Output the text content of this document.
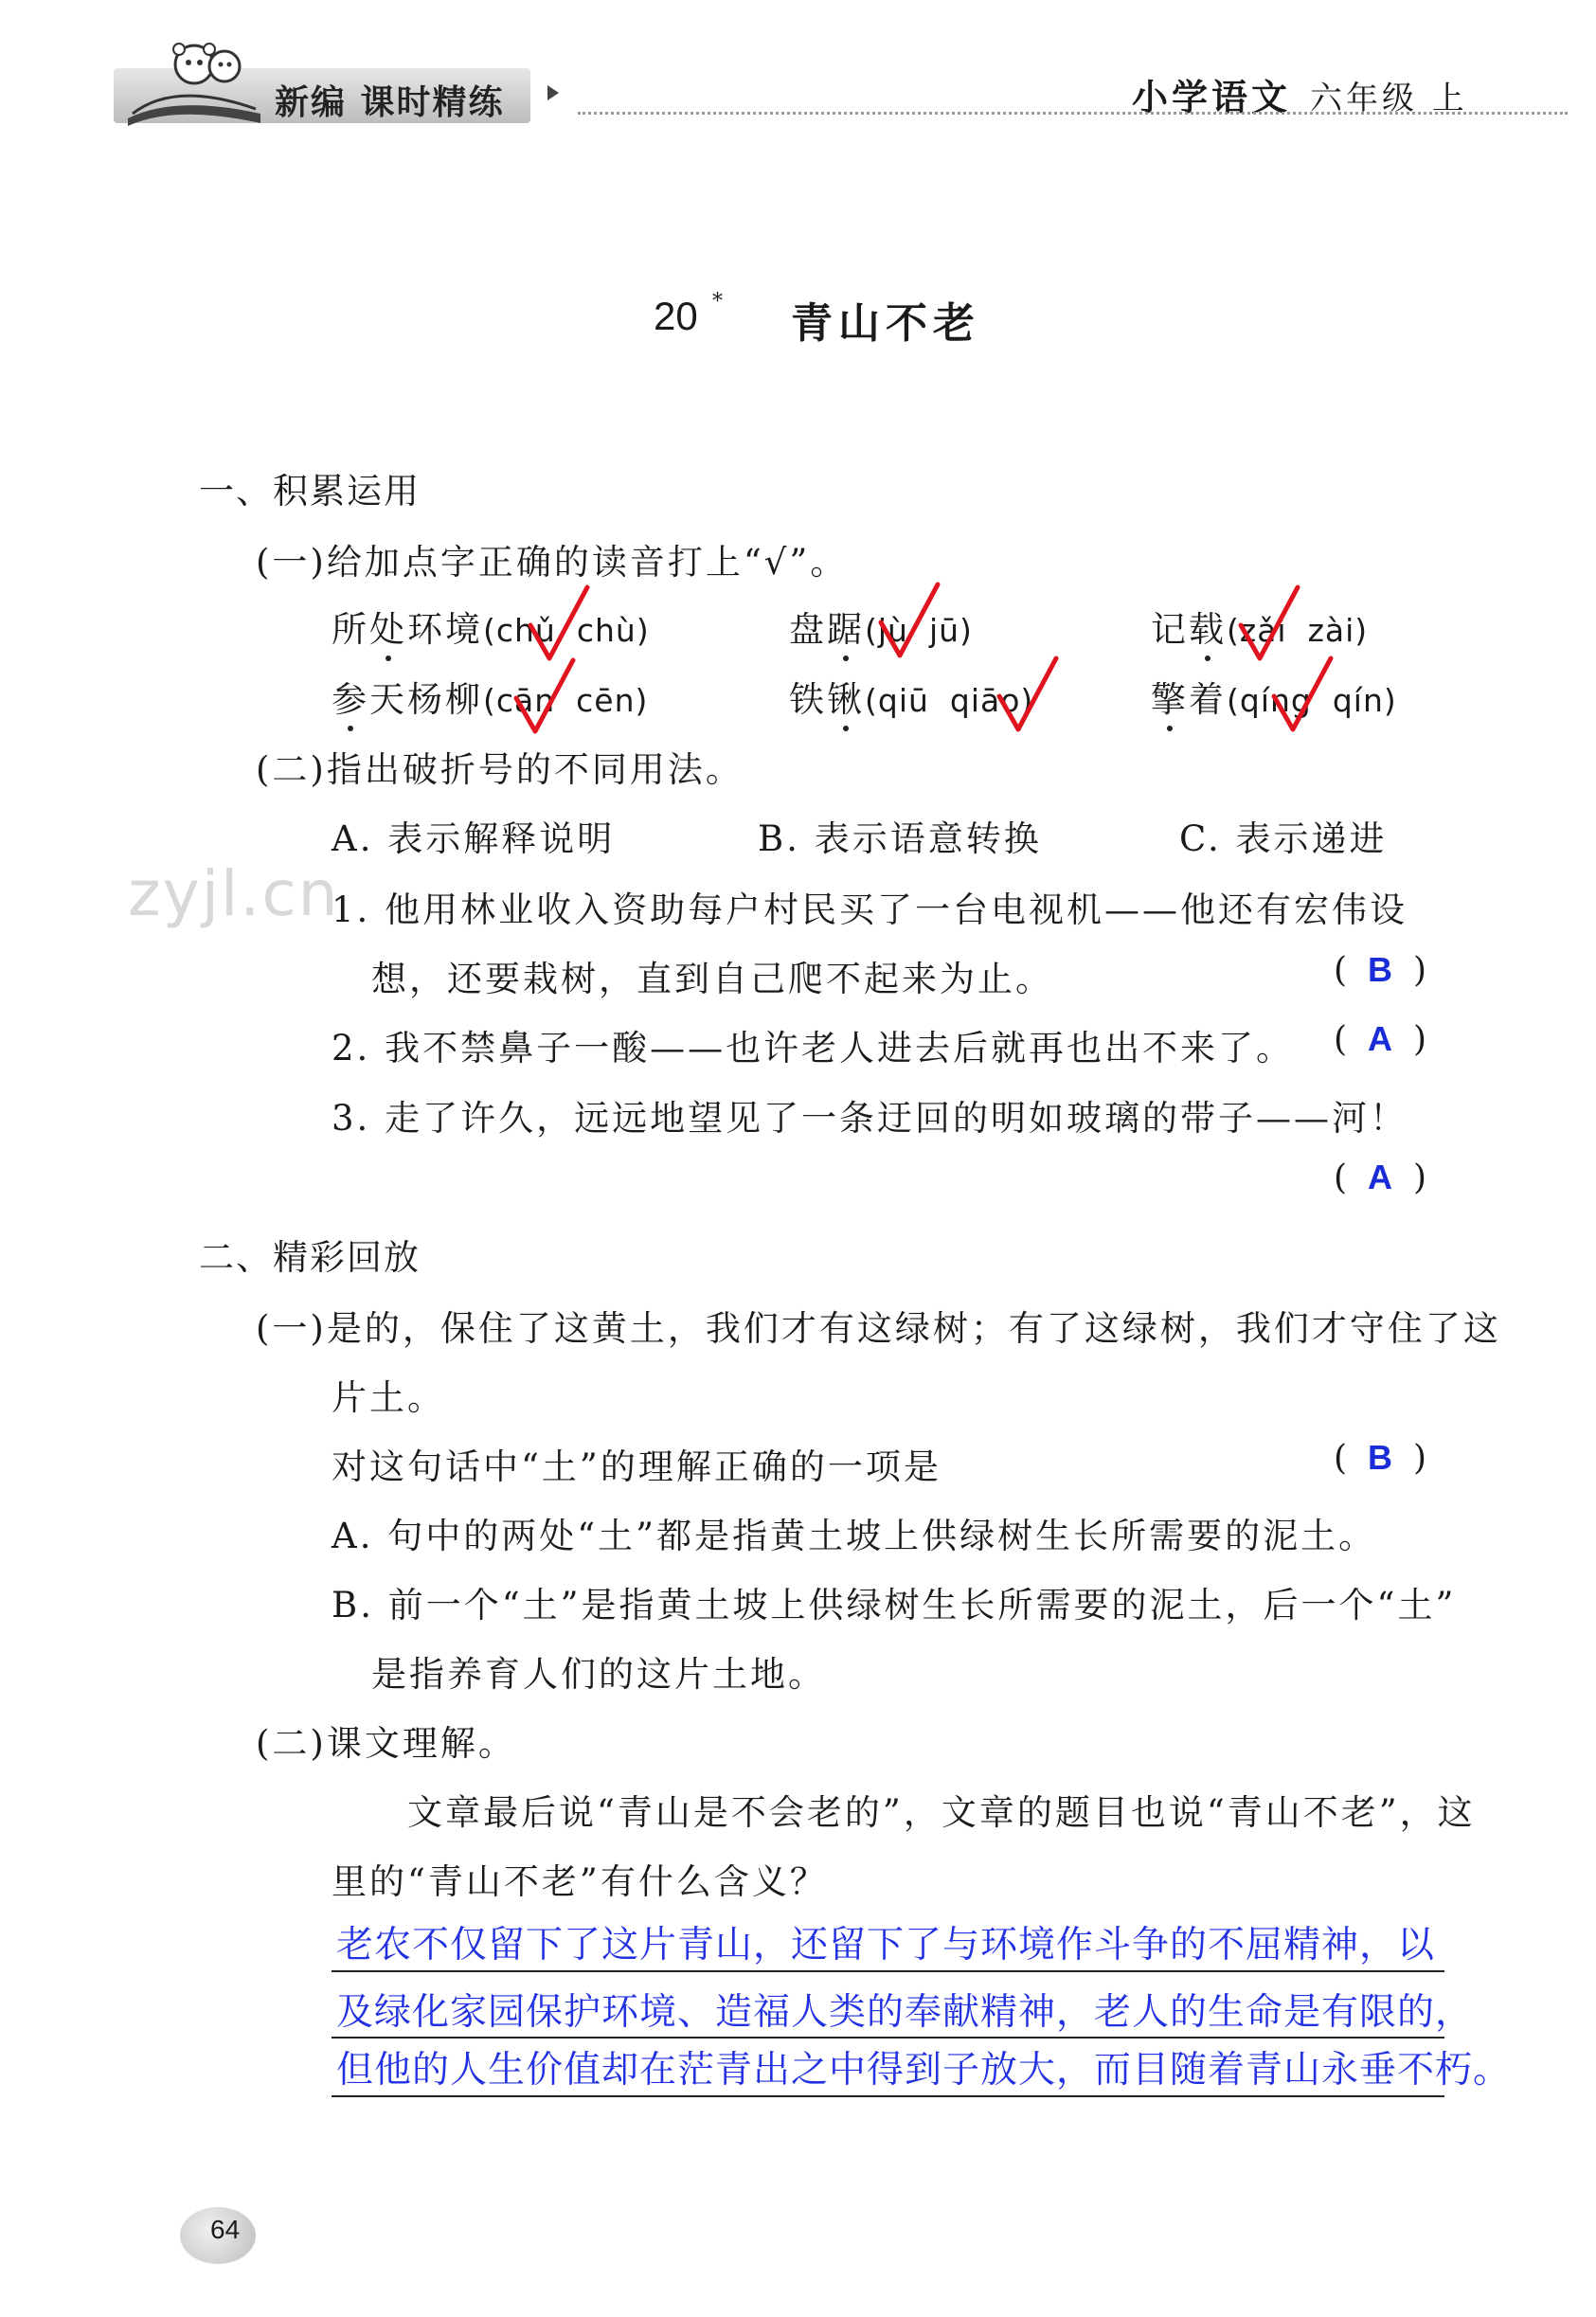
新编 课时精练	小学语文 六年级 上
20 * 青山不老
一、积累运用
(一)给加点字正确的读音打上“√”。
所处环境(chǔ chù)	盘踞(jù jū)	记载(zǎi zài)
参天杨柳(cān cēn)	铁锹(qiū qiāo)	擎着(qíng qín)
(二)指出破折号的不同用法。
A. 表示解释说明	B. 表示语意转换	C. 表示递进
zyjl.cn
1. 他用林业收入资助每户村民买了一台电视机——他还有宏伟设
想，还要栽树，直到自己爬不起来为止。	( B )
2. 我不禁鼻子一酸——也许老人进去后就再也出不来了。 ( A )
3. 走了许久，远远地望见了一条迂回的明如玻璃的带子——河！
( A )
二、精彩回放
(一)是的，保住了这黄土，我们才有这绿树；有了这绿树，我们才守住了这
片土。
对这句话中“土”的理解正确的一项是	( B )
A. 句中的两处“土”都是指黄土坡上供绿树生长所需要的泥土。
B. 前一个“土”是指黄土坡上供绿树生长所需要的泥土，后一个“土”
是指养育人们的这片土地。
(二)课文理解。
文章最后说“青山是不会老的”，文章的题目也说“青山不老”，这
里的“青山不老”有什么含义？
老农不仅留下了这片青山，还留下了与环境作斗争的不屈精神，以
及绿化家园保护环境、造福人类的奉献精神，老人的生命是有限的，
但他的人生价值却在茫青出之中得到子放大，而目随着青山永垂不朽。
64
